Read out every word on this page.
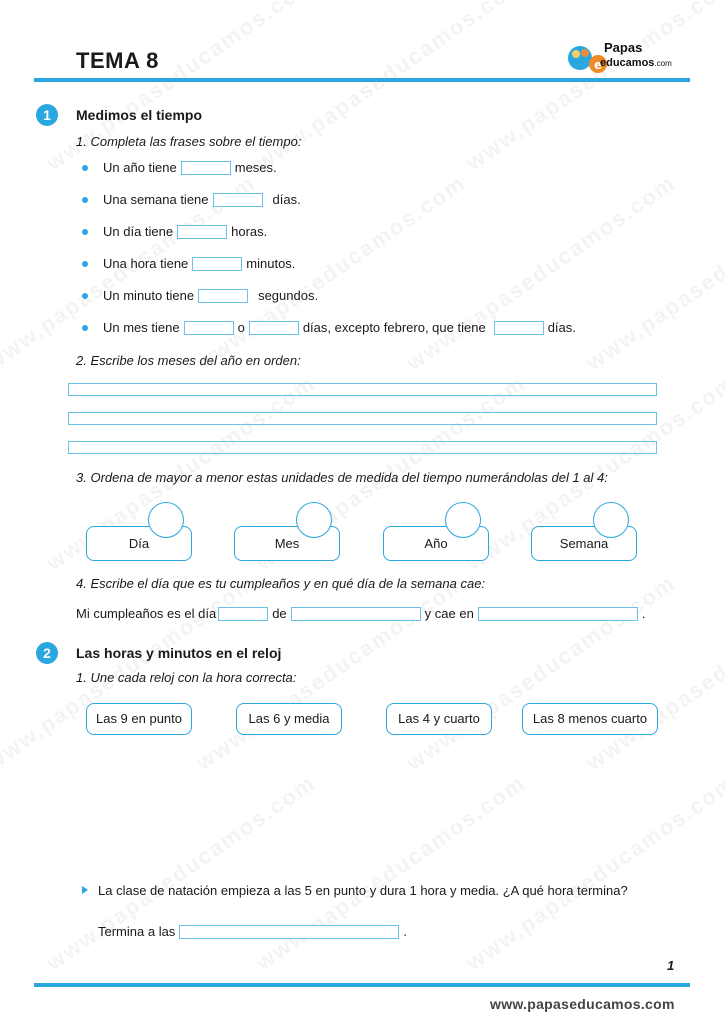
TEMA 8	e
Papas
educamos.com
1	Medimos el tiempo
1. Completa las frases sobre el tiempo:
Un año tiene	meses.
Una semana tiene	días.
Un día tiene	horas.
Una hora tiene	minutos.
Un minuto tiene	segundos.
Un mes tiene	o	días, excepto febrero, que tiene	días.
2. Escribe los meses del año en orden:
3. Ordena de mayor a menor estas unidades de medida del tiempo numerándolas del 1 al 4:
Día	Mes	Año	Semana
4. Escribe el día que es tu cumpleaños y en qué día de la semana cae:
Mi cumpleaños es el día	de	y cae en	.
2	Las horas y minutos en el reloj
1. Une cada reloj con la hora correcta:
Las 9 en punto	Las 6 y media	Las 4 y cuarto	Las 8 menos cuarto
La clase de natación empieza a las 5 en punto y dura 1 hora y media. ¿A qué hora termina?
Termina a las	.
1
www.papaseducamos.com
